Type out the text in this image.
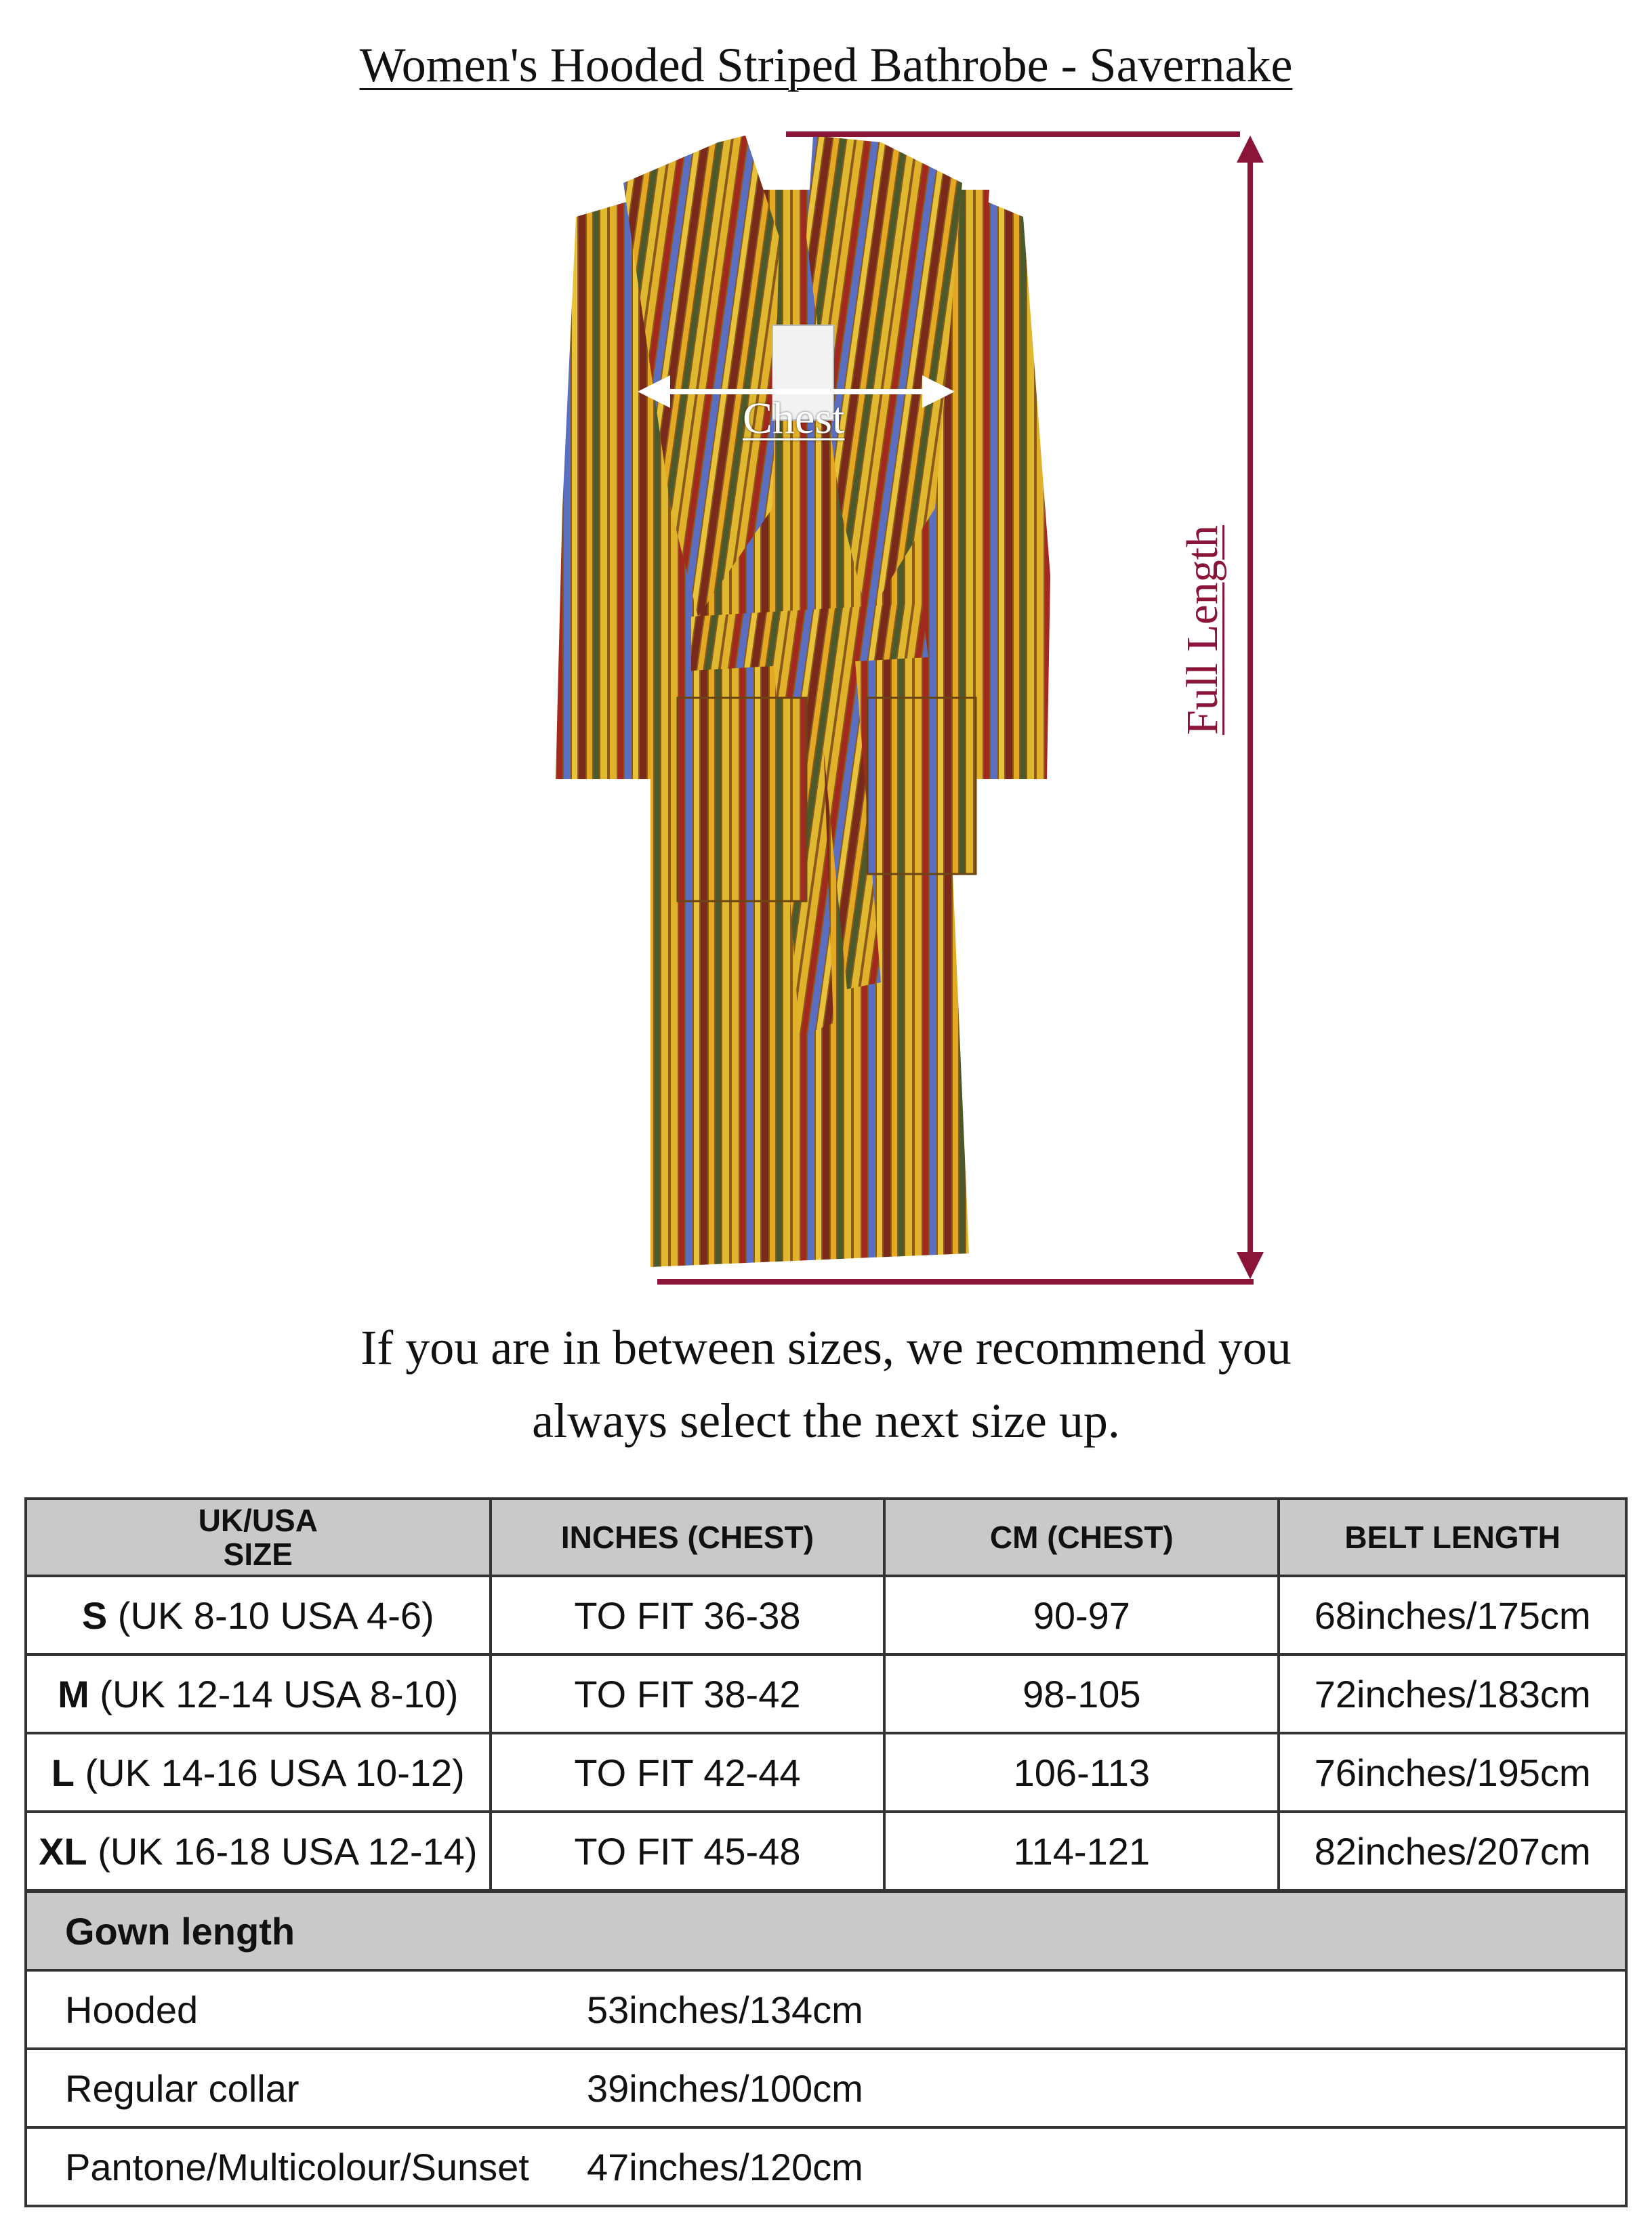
Women's Hooded Striped Bathrobe - Savernake
Chest
Full Length
If you are in between sizes, we recommend you
always select the next size up.
UK/USA
SIZE	INCHES (CHEST)	CM (CHEST)	BELT LENGTH
S (UK 8-10 USA 4-6)	TO FIT 36-38	90-97	68inches/175cm
M (UK 12-14 USA 8-10)	TO FIT 38-42	98-105	72inches/183cm
L (UK 14-16 USA 10-12)	TO FIT 42-44	106-113	76inches/195cm
XL (UK 16-18 USA 12-14)	TO FIT 45-48	114-121	82inches/207cm
Gown length
Hooded	53inches/134cm
Regular collar	39inches/100cm
Pantone/Multicolour/Sunset 47inches/120cm
